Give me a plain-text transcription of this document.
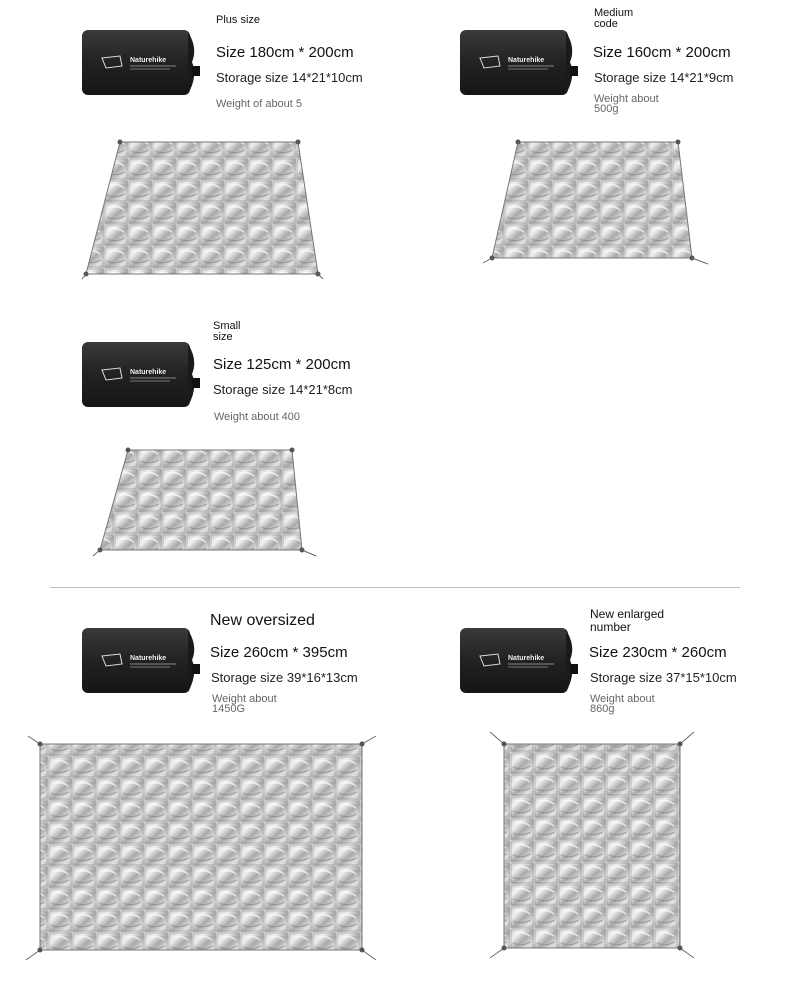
Naturehike
Plus size
Size 180cm * 200cm
Storage size 14*21*10cm
Weight of about 5
Naturehike
Medium
code
Size 160cm * 200cm
Storage size 14*21*9cm
Weight about
500g
Naturehike
Small
size
Size 125cm * 200cm
Storage size 14*21*8cm
Weight about 400
Naturehike
New oversized
Size 260cm * 395cm
Storage size 39*16*13cm
Weight about
1450G
Naturehike
New enlarged
number
Size 230cm * 260cm
Storage size 37*15*10cm
Weight about
860g
